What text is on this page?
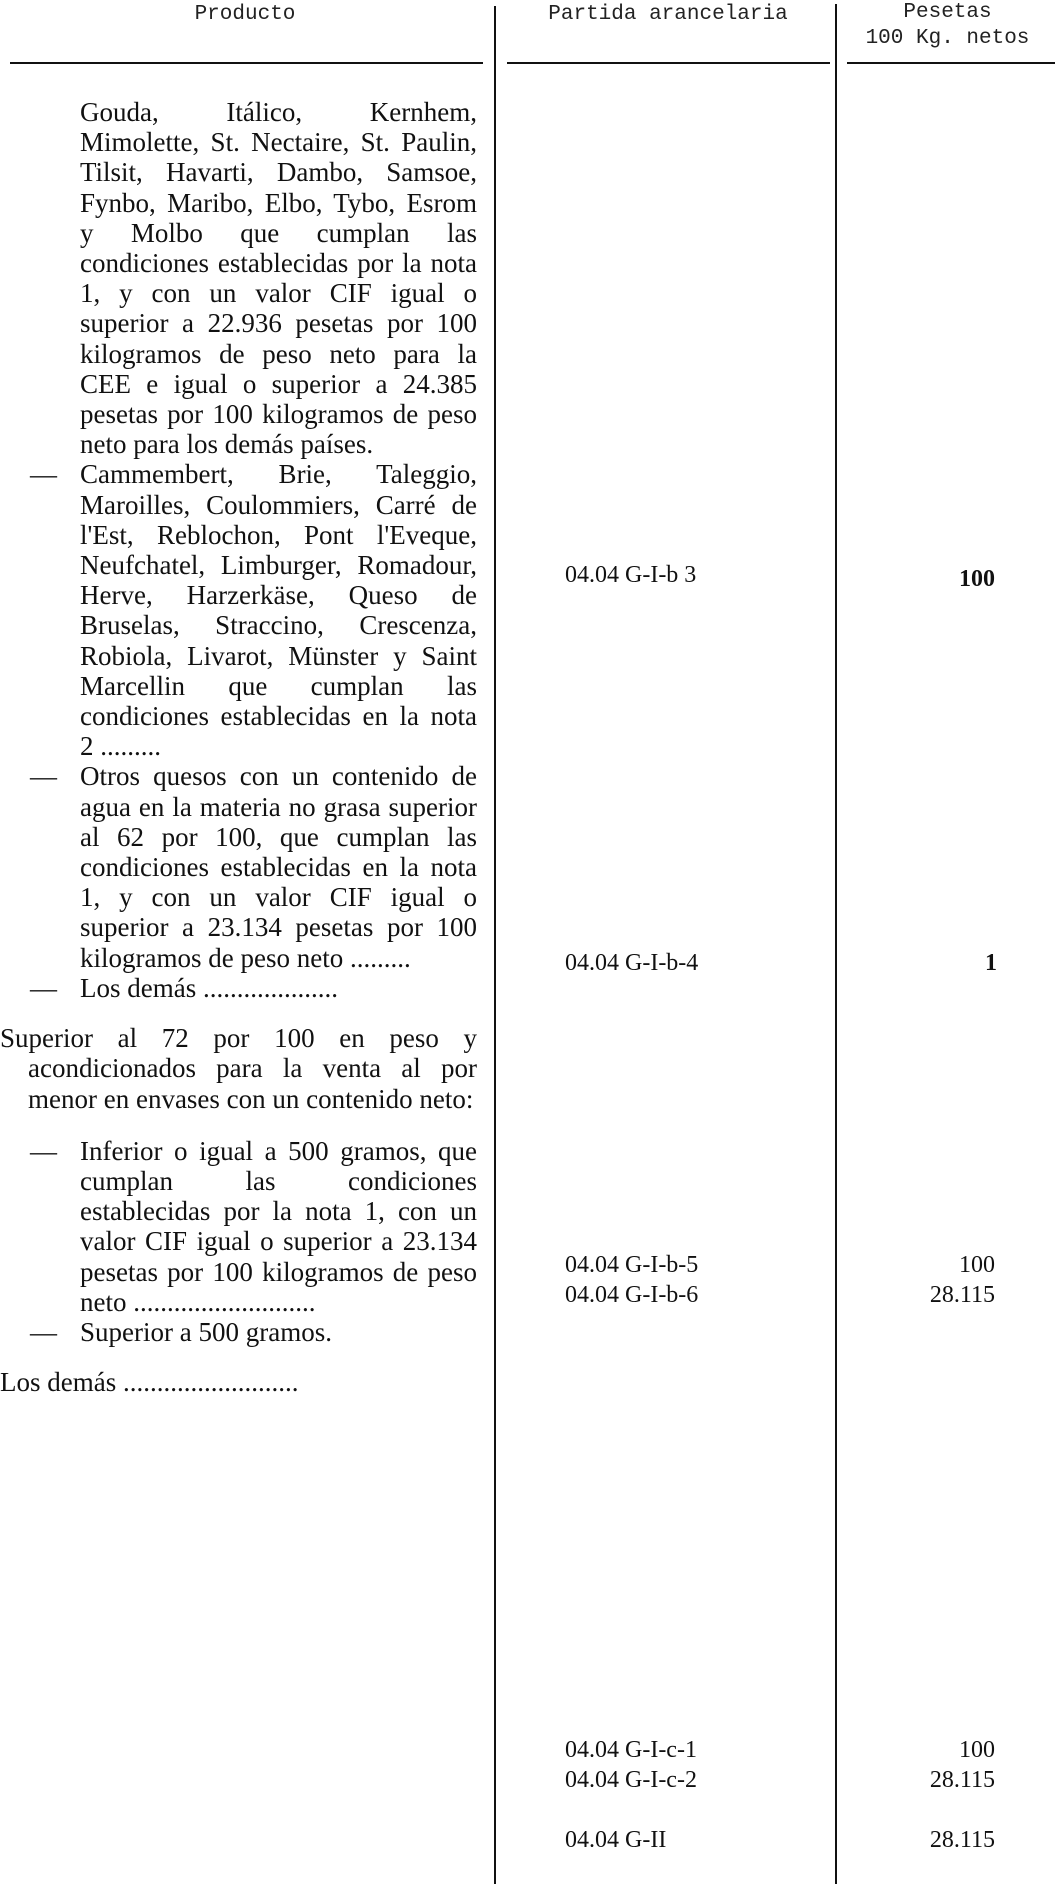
Producto	Partida arancelaria	Pesetas
100 Kg. netos

Gouda, Itálico, Kernhem, Mimolette, St. Nectaire, St. Paulin, Tilsit, Havarti, Dambo, Samsoe, Fynbo, Maribo, Elbo, Tybo, Esrom y Molbo que cumplan las condiciones establecidas por la nota 1, y con un valor CIF igual o superior a 22.936 pesetas por 100 kilogramos de peso neto para la CEE e igual o superior a 24.385 pesetas por 100 kilogramos de peso neto para los demás países.

— Cammembert, Brie, Taleggio, Maroilles, Coulommiers, Carré de l'Est, Reblochon, Pont l'Eveque, Neufchatel, Limburger, Romadour, Herve, Harzerkäse, Queso de Bruselas, Straccino, Crescenza, Robiola, Livarot, Münster y Saint Marcellin que cumplan las condiciones establecidas en la nota 2 .........

— Otros quesos con un contenido de agua en la materia no grasa superior al 62 por 100, que cumplan las condiciones establecidas en la nota 1, y con un valor CIF igual o superior a 23.134 pesetas por 100 kilogramos de peso neto .........

— Los demás ....................

Superior al 72 por 100 en peso y acondicionados para la venta al por menor en envases con un contenido neto:

— Inferior o igual a 500 gramos, que cumplan las condiciones establecidas por la nota 1, con un valor CIF igual o superior a 23.134 pesetas por 100 kilogramos de peso neto ...........................

— Superior a 500 gramos.

Los demás ..........................

04.04 G-I-b 3
04.04 G-I-b-4
04.04 G-I-b-5
04.04 G-I-b-6
04.04 G-I-c-1
04.04 G-I-c-2
04.04 G-II
100
1
100
28.115
100
28.115
28.115
